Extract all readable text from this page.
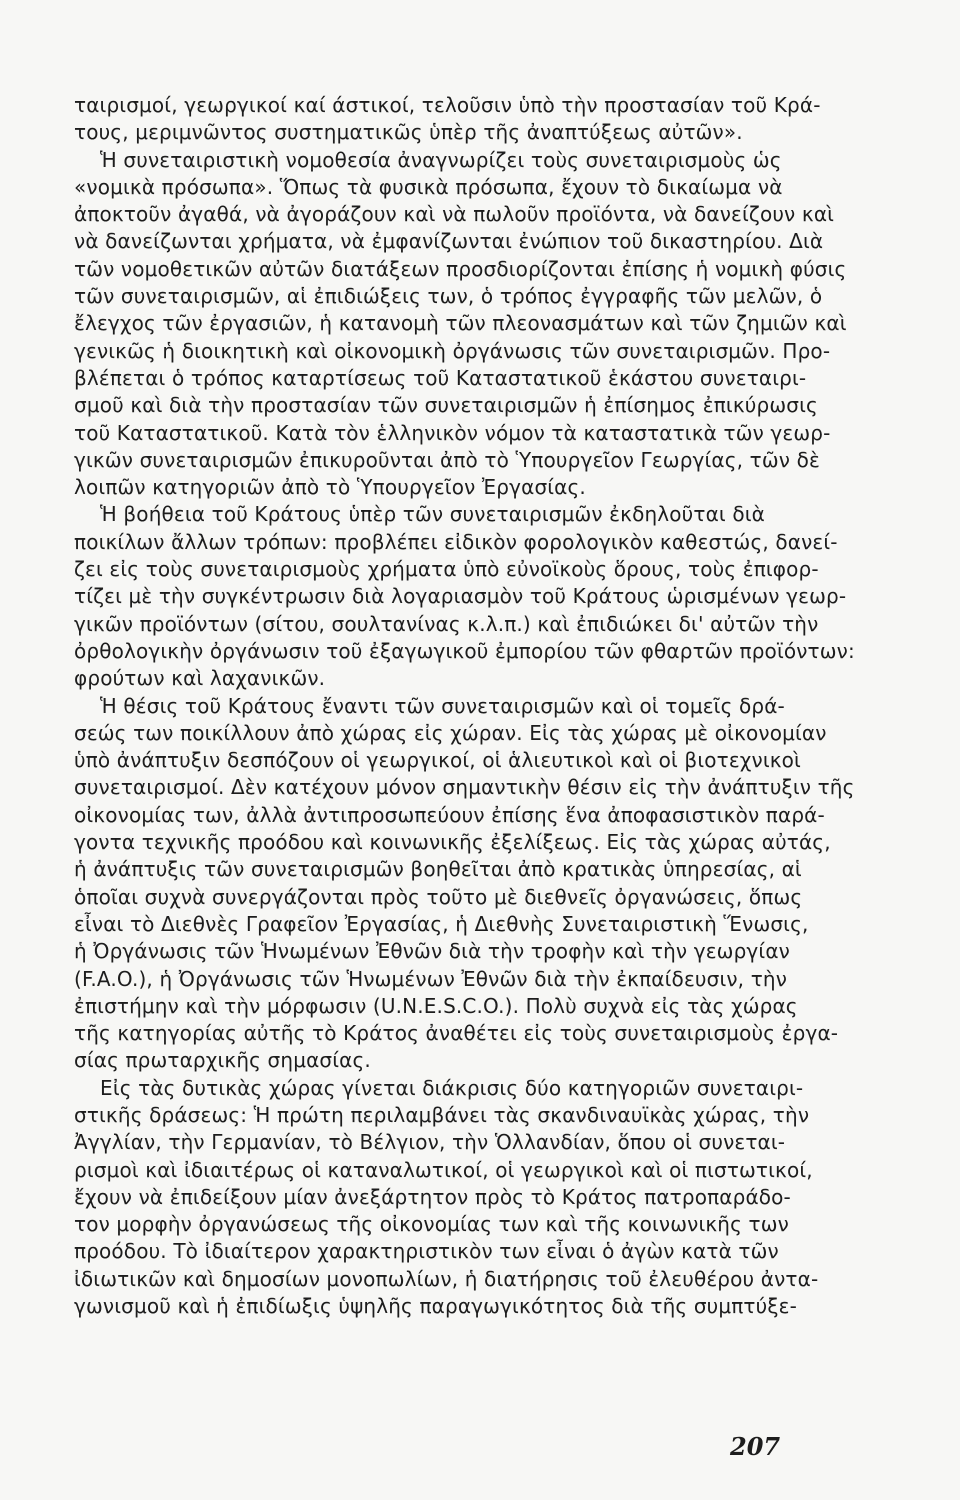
ταιρισμοί, γεωργικοί καί άστικοί, τελοῦσιν ὑπὸ τὴν προστασίαν τοῦ Κρά-
τους, μεριμνῶντος συστηματικῶς ὑπὲρ τῆς ἀναπτύξεως αὐτῶν».
Ἡ συνεταιριστικὴ νομοθεσία ἀναγνωρίζει τοὺς συνεταιρισμοὺς ὡς
«νομικὰ πρόσωπα». Ὅπως τὰ φυσικὰ πρόσωπα, ἔχουν τὸ δικαίωμα νὰ
ἀποκτοῦν ἀγαθά, νὰ ἀγοράζουν καὶ νὰ πωλοῦν προϊόντα, νὰ δανείζουν καὶ
νὰ δανείζωνται χρήματα, νὰ ἐμφανίζωνται ἐνώπιον τοῦ δικαστηρίου. Διὰ
τῶν νομοθετικῶν αὐτῶν διατάξεων προσδιορίζονται ἐπίσης ἡ νομικὴ φύσις
τῶν συνεταιρισμῶν, αἱ ἐπιδιώξεις των, ὁ τρόπος ἐγγραφῆς τῶν μελῶν, ὁ
ἔλεγχος τῶν ἐργασιῶν, ἡ κατανομὴ τῶν πλεονασμάτων καὶ τῶν ζημιῶν καὶ
γενικῶς ἡ διοικητικὴ καὶ οἰκονομικὴ ὀργάνωσις τῶν συνεταιρισμῶν. Προ-
βλέπεται ὁ τρόπος καταρτίσεως τοῦ Καταστατικοῦ ἑκάστου συνεταιρι-
σμοῦ καὶ διὰ τὴν προστασίαν τῶν συνεταιρισμῶν ἡ ἐπίσημος ἐπικύρωσις
τοῦ Καταστατικοῦ. Κατὰ τὸν ἑλληνικὸν νόμον τὰ καταστατικὰ τῶν γεωρ-
γικῶν συνεταιρισμῶν ἐπικυροῦνται ἀπὸ τὸ Ὑπουργεῖον Γεωργίας, τῶν δὲ
λοιπῶν κατηγοριῶν ἀπὸ τὸ Ὑπουργεῖον Ἐργασίας.
Ἡ βοήθεια τοῦ Κράτους ὑπὲρ τῶν συνεταιρισμῶν ἐκδηλοῦται διὰ
ποικίλων ἄλλων τρόπων: προβλέπει εἰδικὸν φορολογικὸν καθεστώς, δανεί-
ζει εἰς τοὺς συνεταιρισμοὺς χρήματα ὑπὸ εὐνοϊκοὺς ὅρους, τοὺς ἐπιφορ-
τίζει μὲ τὴν συγκέντρωσιν διὰ λογαριασμὸν τοῦ Κράτους ὡρισμένων γεωρ-
γικῶν προϊόντων (σίτου, σουλτανίνας κ.λ.π.) καὶ ἐπιδιώκει δι' αὐτῶν τὴν
ὀρθολογικὴν ὀργάνωσιν τοῦ ἐξαγωγικοῦ ἐμπορίου τῶν φθαρτῶν προϊόντων:
φρούτων καὶ λαχανικῶν.
Ἡ θέσις τοῦ Κράτους ἔναντι τῶν συνεταιρισμῶν καὶ οἱ τομεῖς δρά-
σεώς των ποικίλλουν ἀπὸ χώρας εἰς χώραν. Εἰς τὰς χώρας μὲ οἰκονομίαν
ὑπὸ ἀνάπτυξιν δεσπόζουν οἱ γεωργικοί, οἱ ἁλιευτικοὶ καὶ οἱ βιοτεχνικοὶ
συνεταιρισμοί. Δὲν κατέχουν μόνον σημαντικὴν θέσιν εἰς τὴν ἀνάπτυξιν τῆς
οἰκονομίας των, ἀλλὰ ἀντιπροσωπεύουν ἐπίσης ἕνα ἀποφασιστικὸν παρά-
γοντα τεχνικῆς προόδου καὶ κοινωνικῆς ἐξελίξεως. Εἰς τὰς χώρας αὐτάς,
ἡ ἀνάπτυξις τῶν συνεταιρισμῶν βοηθεῖται ἀπὸ κρατικὰς ὑπηρεσίας, αἱ
ὁποῖαι συχνὰ συνεργάζονται πρὸς τοῦτο μὲ διεθνεῖς ὀργανώσεις, ὅπως
εἶναι τὸ Διεθνὲς Γραφεῖον Ἐργασίας, ἡ Διεθνὴς Συνεταιριστικὴ Ἕνωσις,
ἡ Ὀργάνωσις τῶν Ἡνωμένων Ἐθνῶν διὰ τὴν τροφὴν καὶ τὴν γεωργίαν
(F.A.O.), ἡ Ὀργάνωσις τῶν Ἡνωμένων Ἐθνῶν διὰ τὴν ἐκπαίδευσιν, τὴν
ἐπιστήμην καὶ τὴν μόρφωσιν (U.N.E.S.C.O.). Πολὺ συχνὰ εἰς τὰς χώρας
τῆς κατηγορίας αὐτῆς τὸ Κράτος ἀναθέτει εἰς τοὺς συνεταιρισμοὺς ἐργα-
σίας πρωταρχικῆς σημασίας.
Εἰς τὰς δυτικὰς χώρας γίνεται διάκρισις δύο κατηγοριῶν συνεταιρι-
στικῆς δράσεως: Ἡ πρώτη περιλαμβάνει τὰς σκανδιναυϊκὰς χώρας, τὴν
Ἀγγλίαν, τὴν Γερμανίαν, τὸ Βέλγιον, τὴν Ὁλλανδίαν, ὅπου οἱ συνεται-
ρισμοὶ καὶ ἰδιαιτέρως οἱ καταναλωτικοί, οἱ γεωργικοὶ καὶ οἱ πιστωτικοί,
ἔχουν νὰ ἐπιδείξουν μίαν ἀνεξάρτητον πρὸς τὸ Κράτος πατροπαράδο-
τον μορφὴν ὀργανώσεως τῆς οἰκονομίας των καὶ τῆς κοινωνικῆς των
προόδου. Τὸ ἰδιαίτερον χαρακτηριστικὸν των εἶναι ὁ ἀγὼν κατὰ τῶν
ἰδιωτικῶν καὶ δημοσίων μονοπωλίων, ἡ διατήρησις τοῦ ἐλευθέρου ἀντα-
γωνισμοῦ καὶ ἡ ἐπιδίωξις ὑψηλῆς παραγωγικότητος διὰ τῆς συμπτύξε-
207
